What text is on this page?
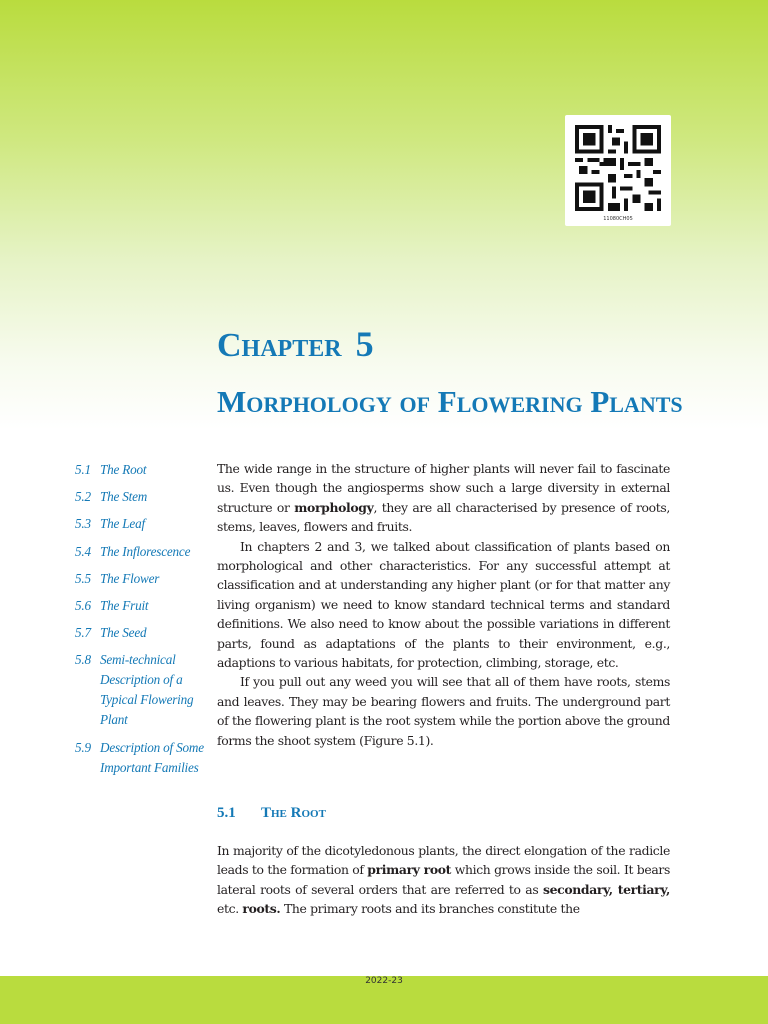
11080CH05
Chapter 5
Morphology of Flowering Plants
5.1 The Root
5.2 The Stem
5.3 The Leaf
5.4 The Inflorescence
5.5 The Flower
5.6 The Fruit
5.7 The Seed
5.8 Semi-technical Description of a Typical Flowering Plant
5.9 Description of Some Important Families

The wide range in the structure of higher plants will never fail to fascinate us. Even though the angiosperms show such a large diversity in external structure or morphology, they are all characterised by presence of roots, stems, leaves, flowers and fruits.

In chapters 2 and 3, we talked about classification of plants based on morphological and other characteristics. For any successful attempt at classification and at understanding any higher plant (or for that matter any living organism) we need to know standard technical terms and standard definitions. We also need to know about the possible variations in different parts, found as adaptations of the plants to their environment, e.g., adaptions to various habitats, for protection, climbing, storage, etc.

If you pull out any weed you will see that all of them have roots, stems and leaves. They may be bearing flowers and fruits. The underground part of the flowering plant is the root system while the portion above the ground forms the shoot system (Figure 5.1).

5.1 The Root

In majority of the dicotyledonous plants, the direct elongation of the radicle leads to the formation of primary root which grows inside the soil. It bears lateral roots of several orders that are referred to as secondary, tertiary, etc. roots. The primary roots and its branches constitute the

2022-23
